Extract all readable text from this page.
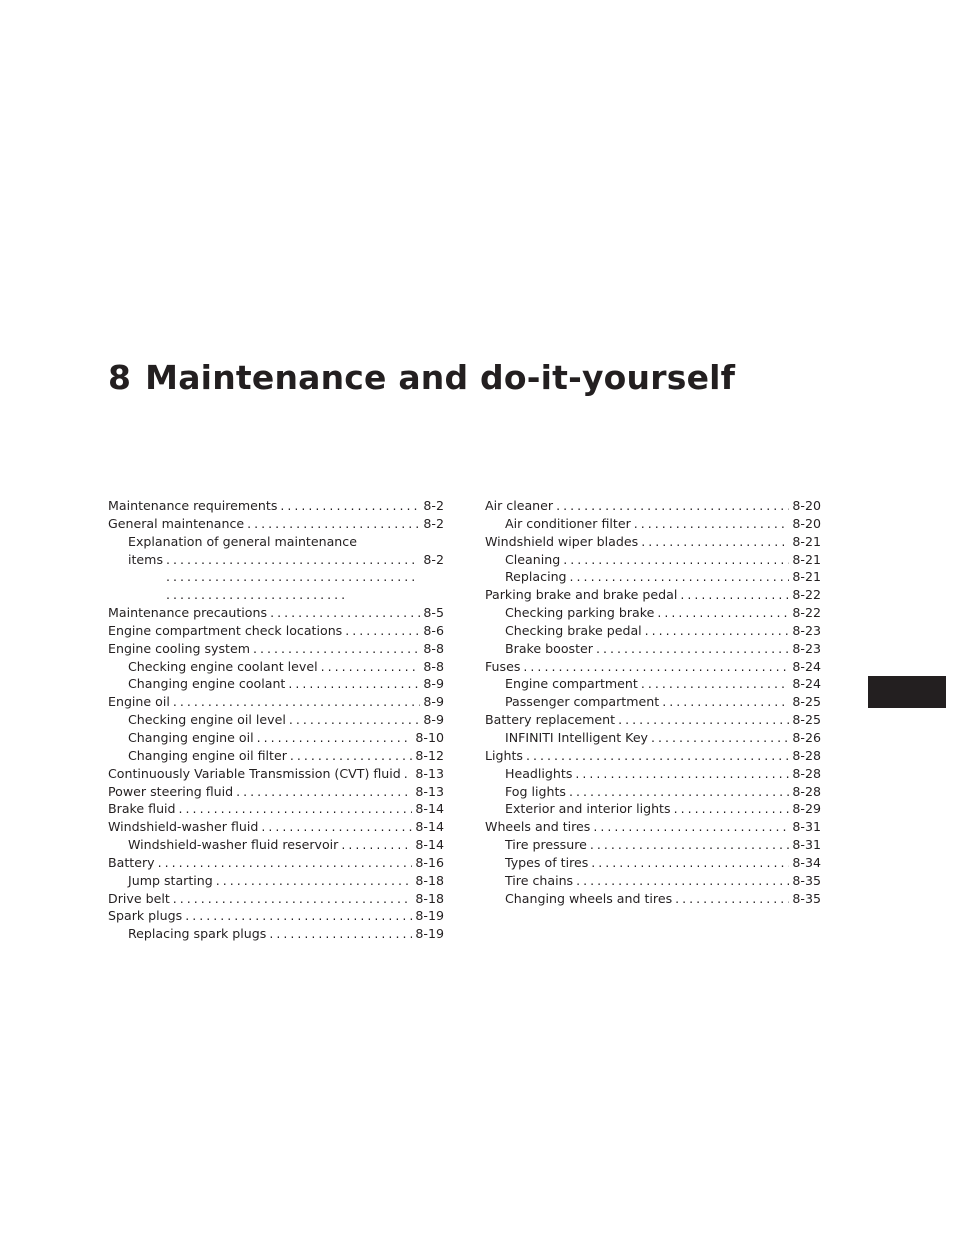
8 Maintenance and do-it-yourself
Maintenance requirements . . .	8-2
General maintenance . . .	8-2
Explanation of general maintenance
items . . .	8-2
Maintenance precautions . . .	8-5
Engine compartment check locations . . .	8-6
Engine cooling system . . .	8-8
Checking engine coolant level . . .	8-8
Changing engine coolant . . .	8-9
Engine oil . . .	8-9
Checking engine oil level . . .	8-9
Changing engine oil . . .	8-10
Changing engine oil filter . . .	8-12
Continuously Variable Transmission (CVT) fluid . . . 8-13
Power steering fluid . . .	8-13
Brake fluid . . .	8-14
Windshield-washer fluid . . .	8-14
Windshield-washer fluid reservoir . . .	8-14
Battery . . .	8-16
Jump starting . . .	8-18
Drive belt . . .	8-18
Spark plugs . . .	8-19
Replacing spark plugs . . .	8-19
Air cleaner . . .	8-20
Air conditioner filter . . .	8-20
Windshield wiper blades . . .	8-21
Cleaning . . .	8-21
Replacing . . .	8-21
Parking brake and brake pedal . . .	8-22
Checking parking brake . . .	8-22
Checking brake pedal . . .	8-23
Brake booster . . .	8-23
Fuses . . .	8-24
Engine compartment . . .	8-24
Passenger compartment . . .	8-25
Battery replacement . . .	8-25
INFINITI Intelligent Key . . .	8-26
Lights . . .	8-28
Headlights . . .	8-28
Fog lights . . .	8-28
Exterior and interior lights . . .	8-29
Wheels and tires . . .	8-31
Tire pressure . . .	8-31
Types of tires . . .	8-34
Tire chains . . .	8-35
Changing wheels and tires . . .	8-35
